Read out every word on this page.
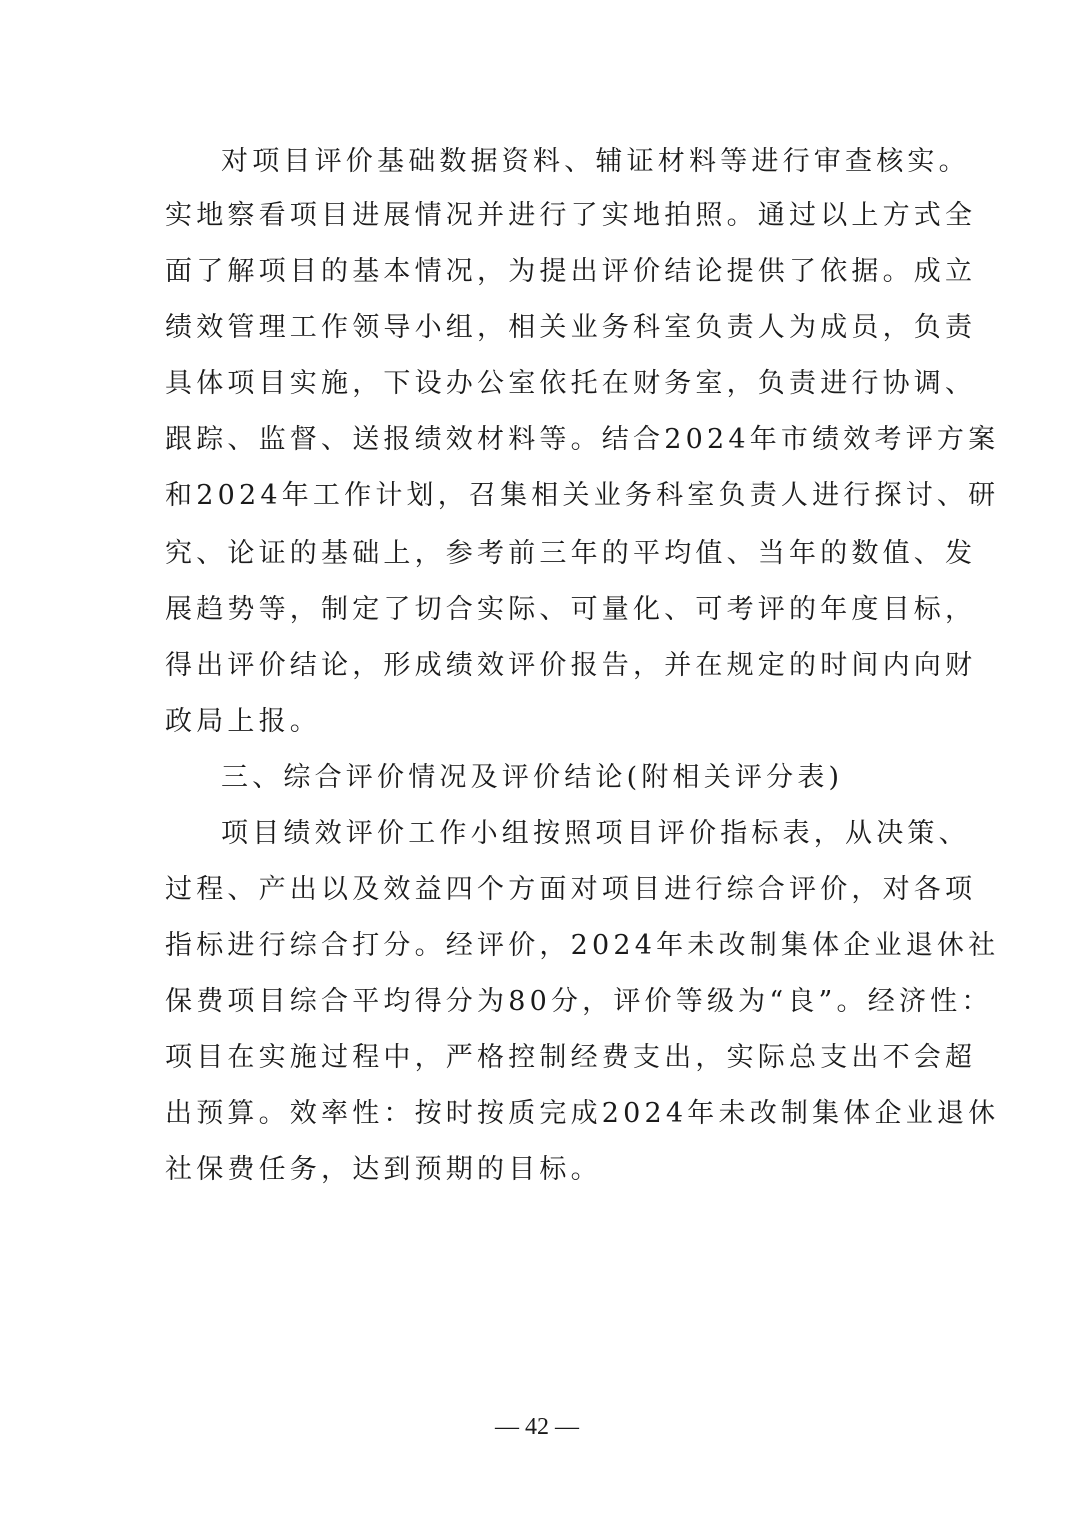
对项目评价基础数据资料、辅证材料等进行审查核实。
实地察看项目进展情况并进行了实地拍照。通过以上方式全
面了解项目的基本情况，为提出评价结论提供了依据。成立
绩效管理工作领导小组，相关业务科室负责人为成员，负责
具体项目实施，下设办公室依托在财务室，负责进行协调、
跟踪、监督、送报绩效材料等。结合2024年市绩效考评方案
和2024年工作计划，召集相关业务科室负责人进行探讨、研
究、论证的基础上，参考前三年的平均值、当年的数值、发
展趋势等，制定了切合实际、可量化、可考评的年度目标，
得出评价结论，形成绩效评价报告，并在规定的时间内向财
政局上报。
三、综合评价情况及评价结论(附相关评分表)
项目绩效评价工作小组按照项目评价指标表，从决策、
过程、产出以及效益四个方面对项目进行综合评价，对各项
指标进行综合打分。经评价，2024年未改制集体企业退休社
保费项目综合平均得分为80分，评价等级为“良”。经济性：
项目在实施过程中，严格控制经费支出，实际总支出不会超
出预算。效率性：按时按质完成2024年未改制集体企业退休
社保费任务，达到预期的目标。
— 42 —
